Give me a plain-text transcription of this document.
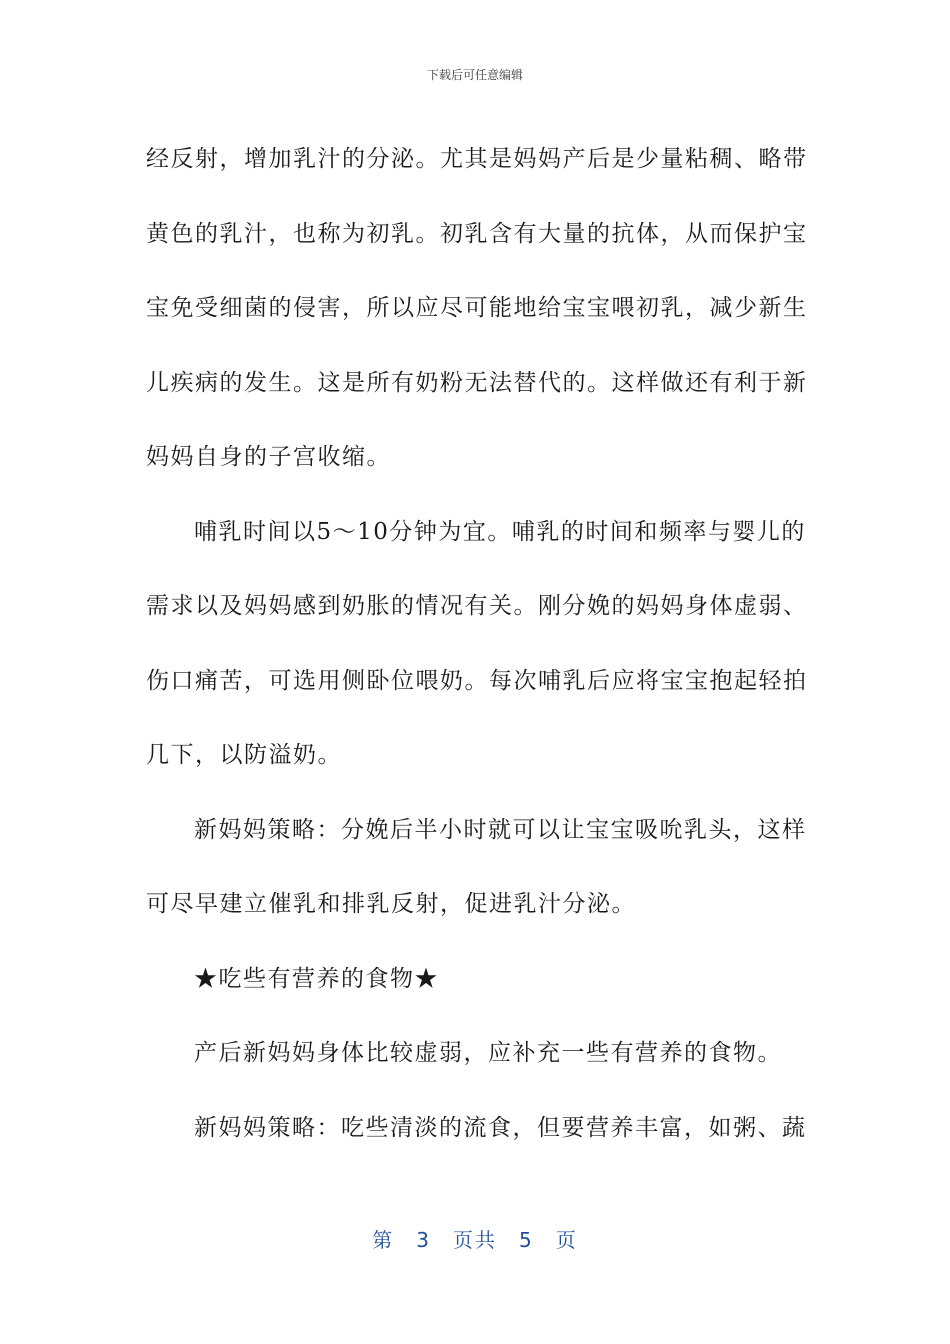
下载后可任意编辑
经反射，增加乳汁的分泌。尤其是妈妈产后是少量粘稠、略带
黄色的乳汁，也称为初乳。初乳含有大量的抗体，从而保护宝
宝免受细菌的侵害，所以应尽可能地给宝宝喂初乳，减少新生
儿疾病的发生。这是所有奶粉无法替代的。这样做还有利于新
妈妈自身的子宫收缩。
哺乳时间以5～10分钟为宜。哺乳的时间和频率与婴儿的
需求以及妈妈感到奶胀的情况有关。刚分娩的妈妈身体虚弱、
伤口痛苦，可选用侧卧位喂奶。每次哺乳后应将宝宝抱起轻拍
几下，以防溢奶。
新妈妈策略：分娩后半小时就可以让宝宝吸吮乳头，这样
可尽早建立催乳和排乳反射，促进乳汁分泌。
★吃些有营养的食物★
产后新妈妈身体比较虚弱，应补充一些有营养的食物。
新妈妈策略：吃些清淡的流食，但要营养丰富，如粥、蔬
第 3 页共 5 页
